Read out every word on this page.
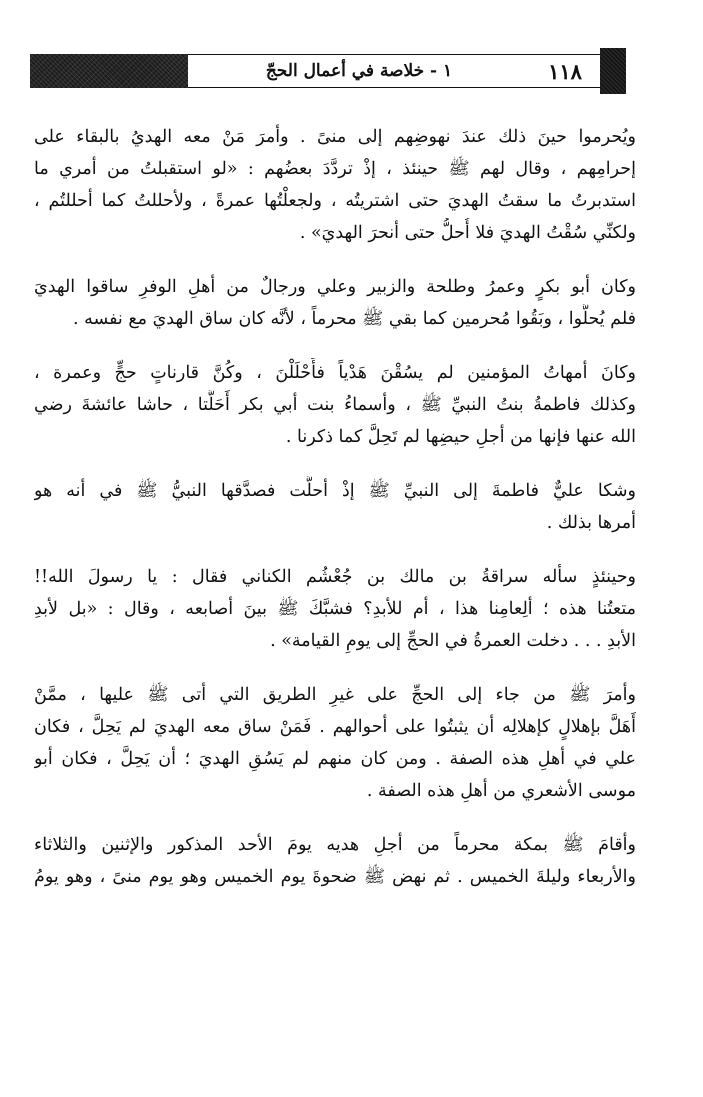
١ - خلاصة في أعمال الحجّ	١١٨
ويُحرموا حينَ ذلك عندَ نهوضِهم إلى منىً . وأمرَ مَنْ معه الهديُ بالبقاء على
إحرامِهم ، وقال لهم ﷺ حينئذ ، إذْ تردَّدَ بعضُهم : «لو استقبلتُ من أمري ما
استدبرتُ ما سقتُ الهديَ حتى اشتريتُه ، ولجعلْتُها عمرةً ، ولأحللتُ كما أحللتُم ،
ولكنِّي سُقْتُ الهديَ فلا أُحلُّ حتى أنحرَ الهديَ» .
وكان أبو بكرٍ وعمرُ وطلحة والزبير وعلي ورجالٌ من أهلِ الوفرِ ساقوا الهديَ
فلم يُحلُّوا ، وبَقُوا مُحرمين كما بقي ﷺ محرماً ، لأنَّه كان ساق الهديَ مع نفسه .
وكانَ أمهاتُ المؤمنين لم يسُقْنَ هَدْياً فأَحْلَلْنَ ، وكُنَّ قارناتٍ حجٍّ وعمرة ،
وكذلك فاطمةُ بنتُ النبيِّ ﷺ ، وأسماءُ بنت أبي بكر أَحَلَّتا ، حاشا عائشةَ رضي
الله عنها فإنها من أجلِ حيضِها لم تَحِلَّ كما ذكرنا .
وشكا عليٌّ فاطمةَ إلى النبيِّ ﷺ إذْ أحلَّت فصدَّقها النبيُّ ﷺ في أنه هو
أمرها بذلك .
وحينئذٍ سأله سراقةُ بن مالك بن جُعْشُم الكناني فقال : يا رسولَ الله!!
متعتُنا هذه ؛ ألِعامِنا هذا ، أم للأبدِ؟ فشبَّكَ ﷺ بينَ أصابعه ، وقال : «بل لأبدِ
الأبدِ . . . دخلت العمرةُ في الحجِّ إلى يومِ القيامة» .
وأمرَ ﷺ من جاء إلى الحجِّ على غيرِ الطريق التي أتى ﷺ عليها ، ممَّنْ
أَهَلَّ بإهلالٍ كإهلالِه أن يثبتُوا على أحوالهم . فَمَنْ ساق معه الهديَ لم يَحِلَّ ، فكان
علي في أهلِ هذه الصفة . ومن كان منهم لم يَسُقِ الهديَ ؛ أن يَحِلَّ ، فكان أبو
موسى الأشعري من أهلِ هذه الصفة .
وأقامَ ﷺ بمكة محرماً من أجلِ هديه يومَ الأحد المذكور والإثنين والثلاثاء
والأربعاء وليلةَ الخميس . ثم نهض ﷺ ضحوةَ يوم الخميس وهو يوم منىً ، وهو يومُ
